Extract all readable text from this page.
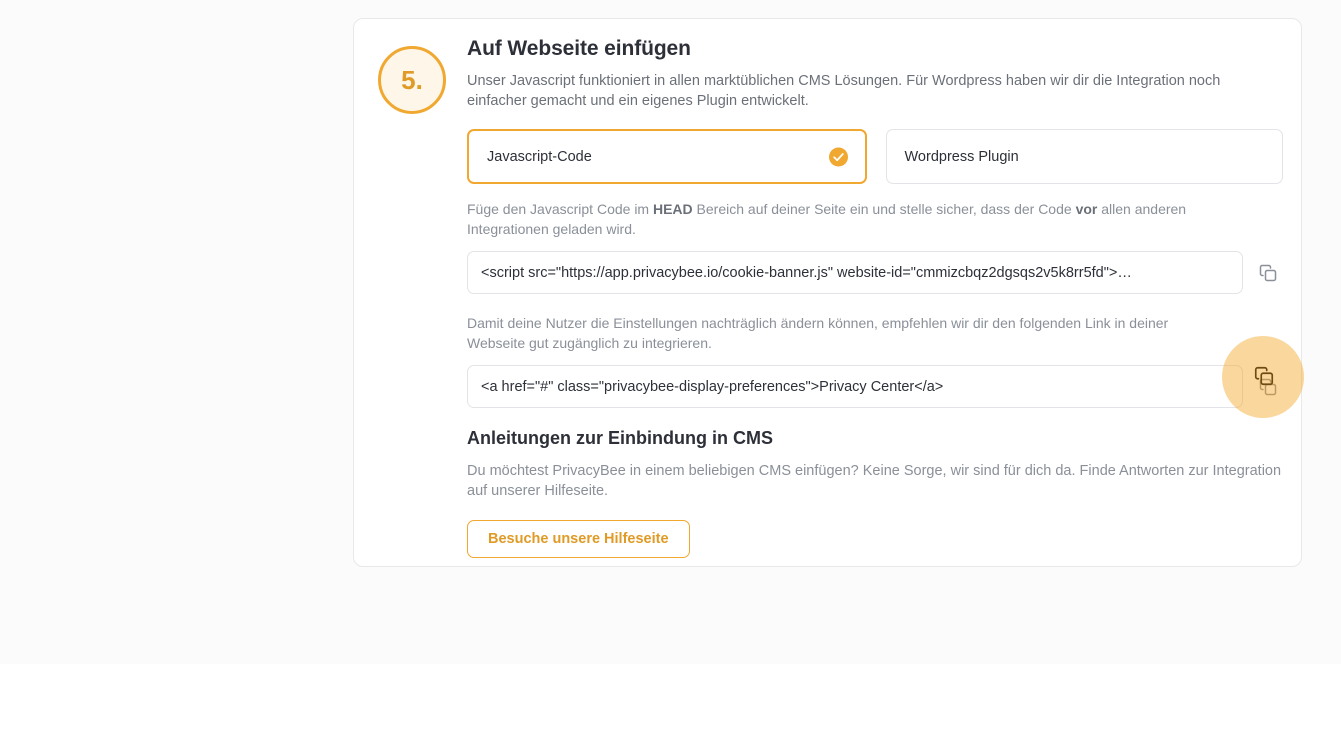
5.
Auf Webseite einfügen

Unser Javascript funktioniert in allen marktüblichen CMS Lösungen. Für Wordpress haben wir dir die Integration noch einfacher gemacht und ein eigenes Plugin entwickelt.

Javascript-Code	Wordpress Plugin

Füge den Javascript Code im HEAD Bereich auf deiner Seite ein und stelle sicher, dass der Code vor allen anderen Integrationen geladen wird.

<script src="https://app.privacybee.io/cookie-banner.js" website-id="cmmizcbqz2dgsqs2v5k8rr5fd">…

Damit deine Nutzer die Einstellungen nachträglich ändern können, empfehlen wir dir den folgenden Link in deiner Webseite gut zugänglich zu integrieren.

<a href="#" class="privacybee-display-preferences">Privacy Center</a>
Anleitungen zur Einbindung in CMS

Du möchtest PrivacyBee in einem beliebigen CMS einfügen? Keine Sorge, wir sind für dich da. Finde Antworten zur Integration auf unserer Hilfeseite.

Besuche unsere Hilfeseite
